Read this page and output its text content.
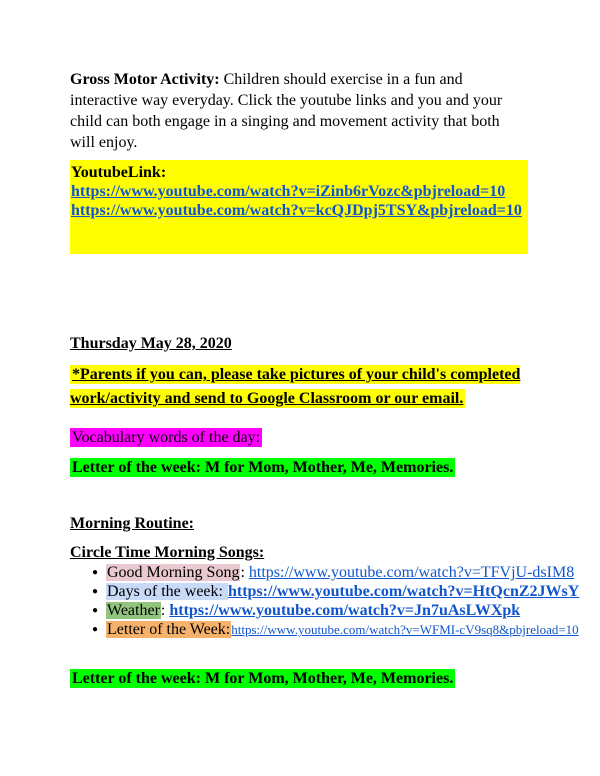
Gross Motor Activity: Children should exercise in a fun and interactive way everyday. Click the youtube links and you and your child can both engage in a singing and movement activity that both will enjoy.
YoutubeLink:
https://www.youtube.com/watch?v=iZinb6rVozc&pbjreload=10
https://www.youtube.com/watch?v=kcQJDpj5TSY&pbjreload=10
Thursday May 28, 2020
*Parents if you can, please take pictures of your child's completed work/activity and send to Google Classroom or our email.
Vocabulary words of the day:
Letter of the week: M for Mom, Mother, Me, Memories.
Morning Routine:
Circle Time Morning Songs:
● Good Morning Song: https://www.youtube.com/watch?v=TFVjU-dsIM8
● Days of the week: https://www.youtube.com/watch?v=HtQcnZ2JWsY
● Weather: https://www.youtube.com/watch?v=Jn7uAsLWXpk
● Letter of the Week:https://www.youtube.com/watch?v=WFMI-cV9sq8&pbjreload=10
Letter of the week: M for Mom, Mother, Me, Memories.
